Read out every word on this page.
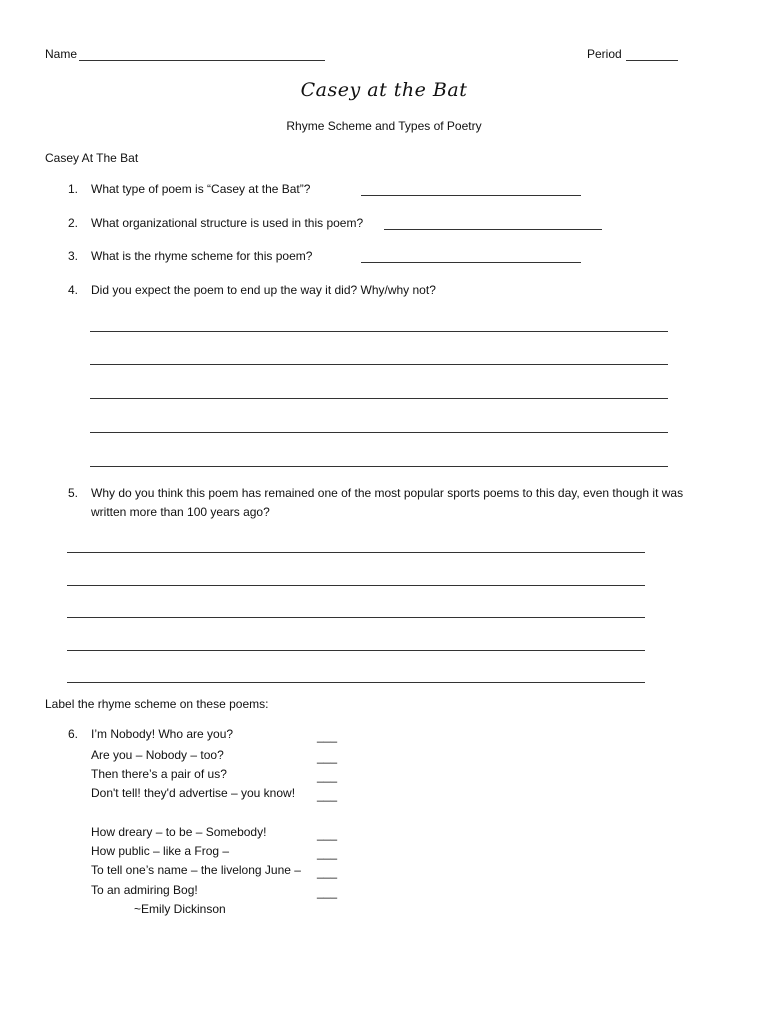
Name	Period
Casey at the Bat
Rhyme Scheme and Types of Poetry
Casey At The Bat
1. What type of poem is “Casey at the Bat”?
2. What organizational structure is used in this poem?
3. What is the rhyme scheme for this poem?
4. Did you expect the poem to end up the way it did? Why/why not?
5. Why do you think this poem has remained one of the most popular sports poems to this day, even though it was
written more than 100 years ago?
Label the rhyme scheme on these poems:
6. I’m Nobody! Who are you?	___
Are you – Nobody – too?	___
Then there’s a pair of us?	___
Don't tell! they'd advertise – you know! ___
How dreary – to be – Somebody!	___
How public – like a Frog –	___
To tell one’s name – the livelong June – ___
To an admiring Bog!	___
~Emily Dickinson
